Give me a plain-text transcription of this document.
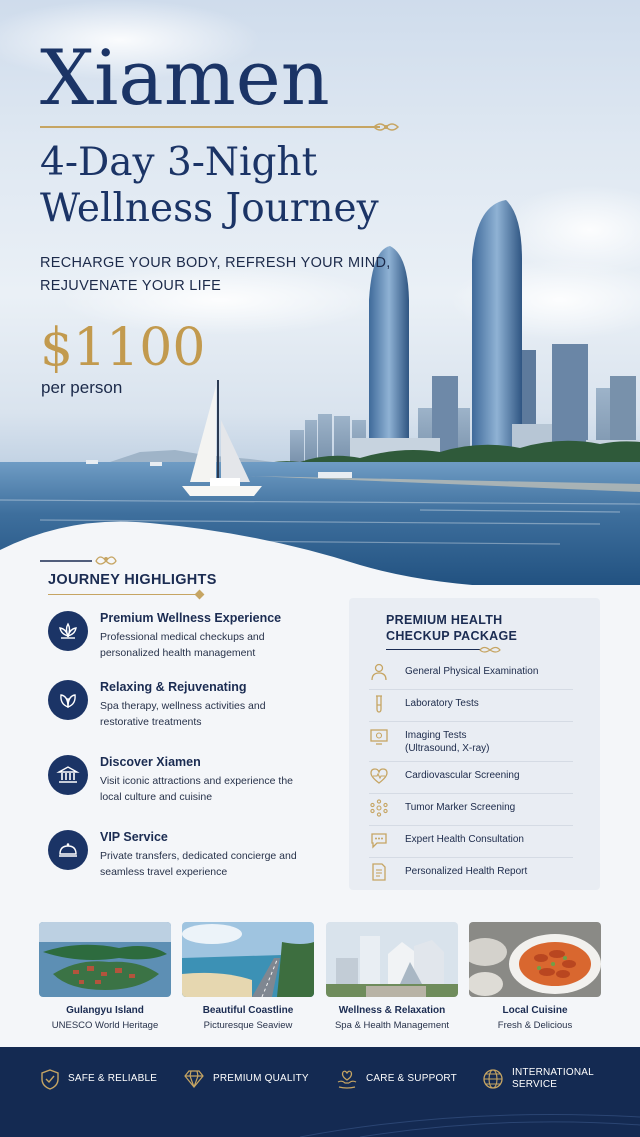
Xiamen
4-Day 3-Night
Wellness Journey
RECHARGE YOUR BODY, REFRESH YOUR MIND,
REJUVENATE YOUR LIFE
$1100
per person
JOURNEY HIGHLIGHTS
Premium Wellness Experience
Professional medical checkups and personalized health management
Relaxing & Rejuvenating
Spa therapy, wellness activities and restorative treatments
Discover Xiamen
Visit iconic attractions and experience the local culture and cuisine
VIP Service
Private transfers, dedicated concierge and seamless travel experience
PREMIUM HEALTH
CHECKUP PACKAGE
General Physical Examination
Laboratory Tests
Imaging Tests
(Ultrasound, X-ray)
Cardiovascular Screening
Tumor Marker Screening
Expert Health Consultation
Personalized Health Report
Gulangyu Island
UNESCO World Heritage
Beautiful Coastline
Picturesque Seaview
Wellness & Relaxation
Spa & Health Management
Local Cuisine
Fresh & Delicious
SAFE & RELIABLE	PREMIUM QUALITY	CARE & SUPPORT
INTERNATIONAL
SERVICE
